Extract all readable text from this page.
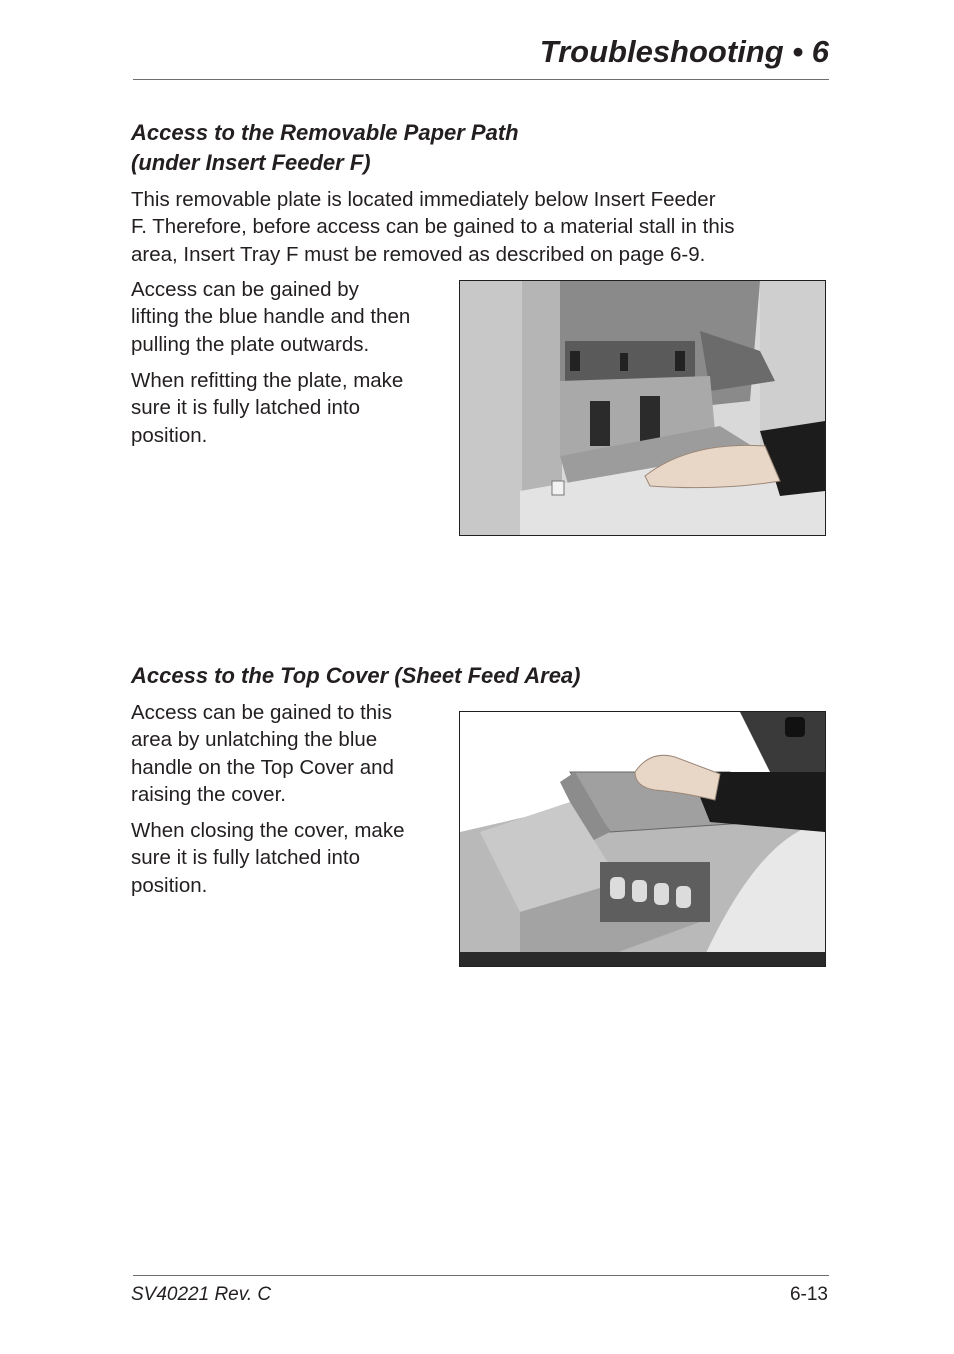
Troubleshooting • 6
Access to the Removable Paper Path
(under Insert Feeder F)

This removable plate is located immediately below Insert Feeder
F. Therefore, before access can be gained to a material stall in this
area, Insert Tray F must be removed as described on page 6-9.

Access can be gained by
lifting the blue handle and then
pulling the plate outwards.

When refitting the plate, make
sure it is fully latched into
position.

Access to the Top Cover (Sheet Feed Area)

Access can be gained to this
area by unlatching the blue
handle on the Top Cover and
raising the cover.

When closing the cover, make
sure it is fully latched into
position.

SV40221 Rev. C	6-13
